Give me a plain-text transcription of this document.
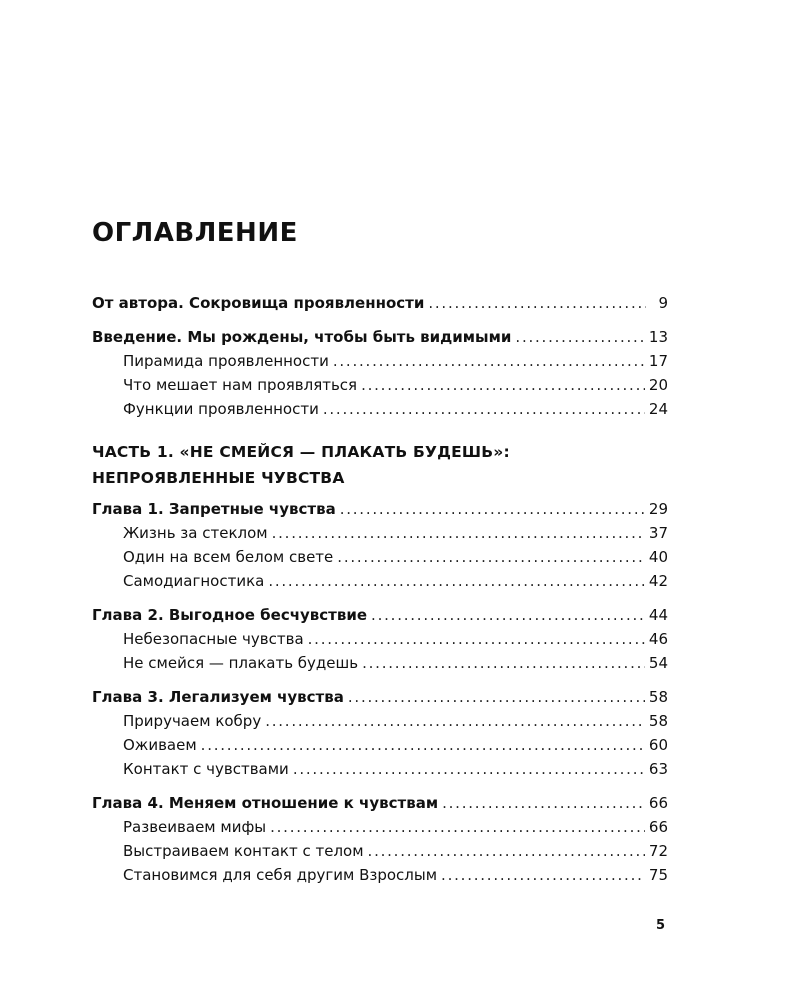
ОГЛАВЛЕНИЕ
От автора. Сокровища проявленности . . .	9
Введение. Мы рождены, чтобы быть видимыми . . .	13
Пирамида проявленности . . .	17
Что мешает нам проявляться . . .	20
Функции проявленности . . .	24
ЧАСТЬ 1. «НЕ СМЕЙСЯ — ПЛАКАТЬ БУДЕШЬ»:
НЕПРОЯВЛЕННЫЕ ЧУВСТВА
Глава 1. Запретные чувства . . .	29
Жизнь за стеклом . . .	37
Один на всем белом свете . . .	40
Самодиагностика . . .	42
Глава 2. Выгодное бесчувствие . . .	44
Небезопасные чувства . . .	46
Не смейся — плакать будешь . . .	54
Глава 3. Легализуем чувства . . .	58
Приручаем кобру . . .	58
Оживаем . . .	60
Контакт с чувствами . . .	63
Глава 4. Меняем отношение к чувствам . . .	66
Развеиваем мифы . . .	66
Выстраиваем контакт с телом . . .	72
Становимся для себя другим Взрослым . . .	75
5
